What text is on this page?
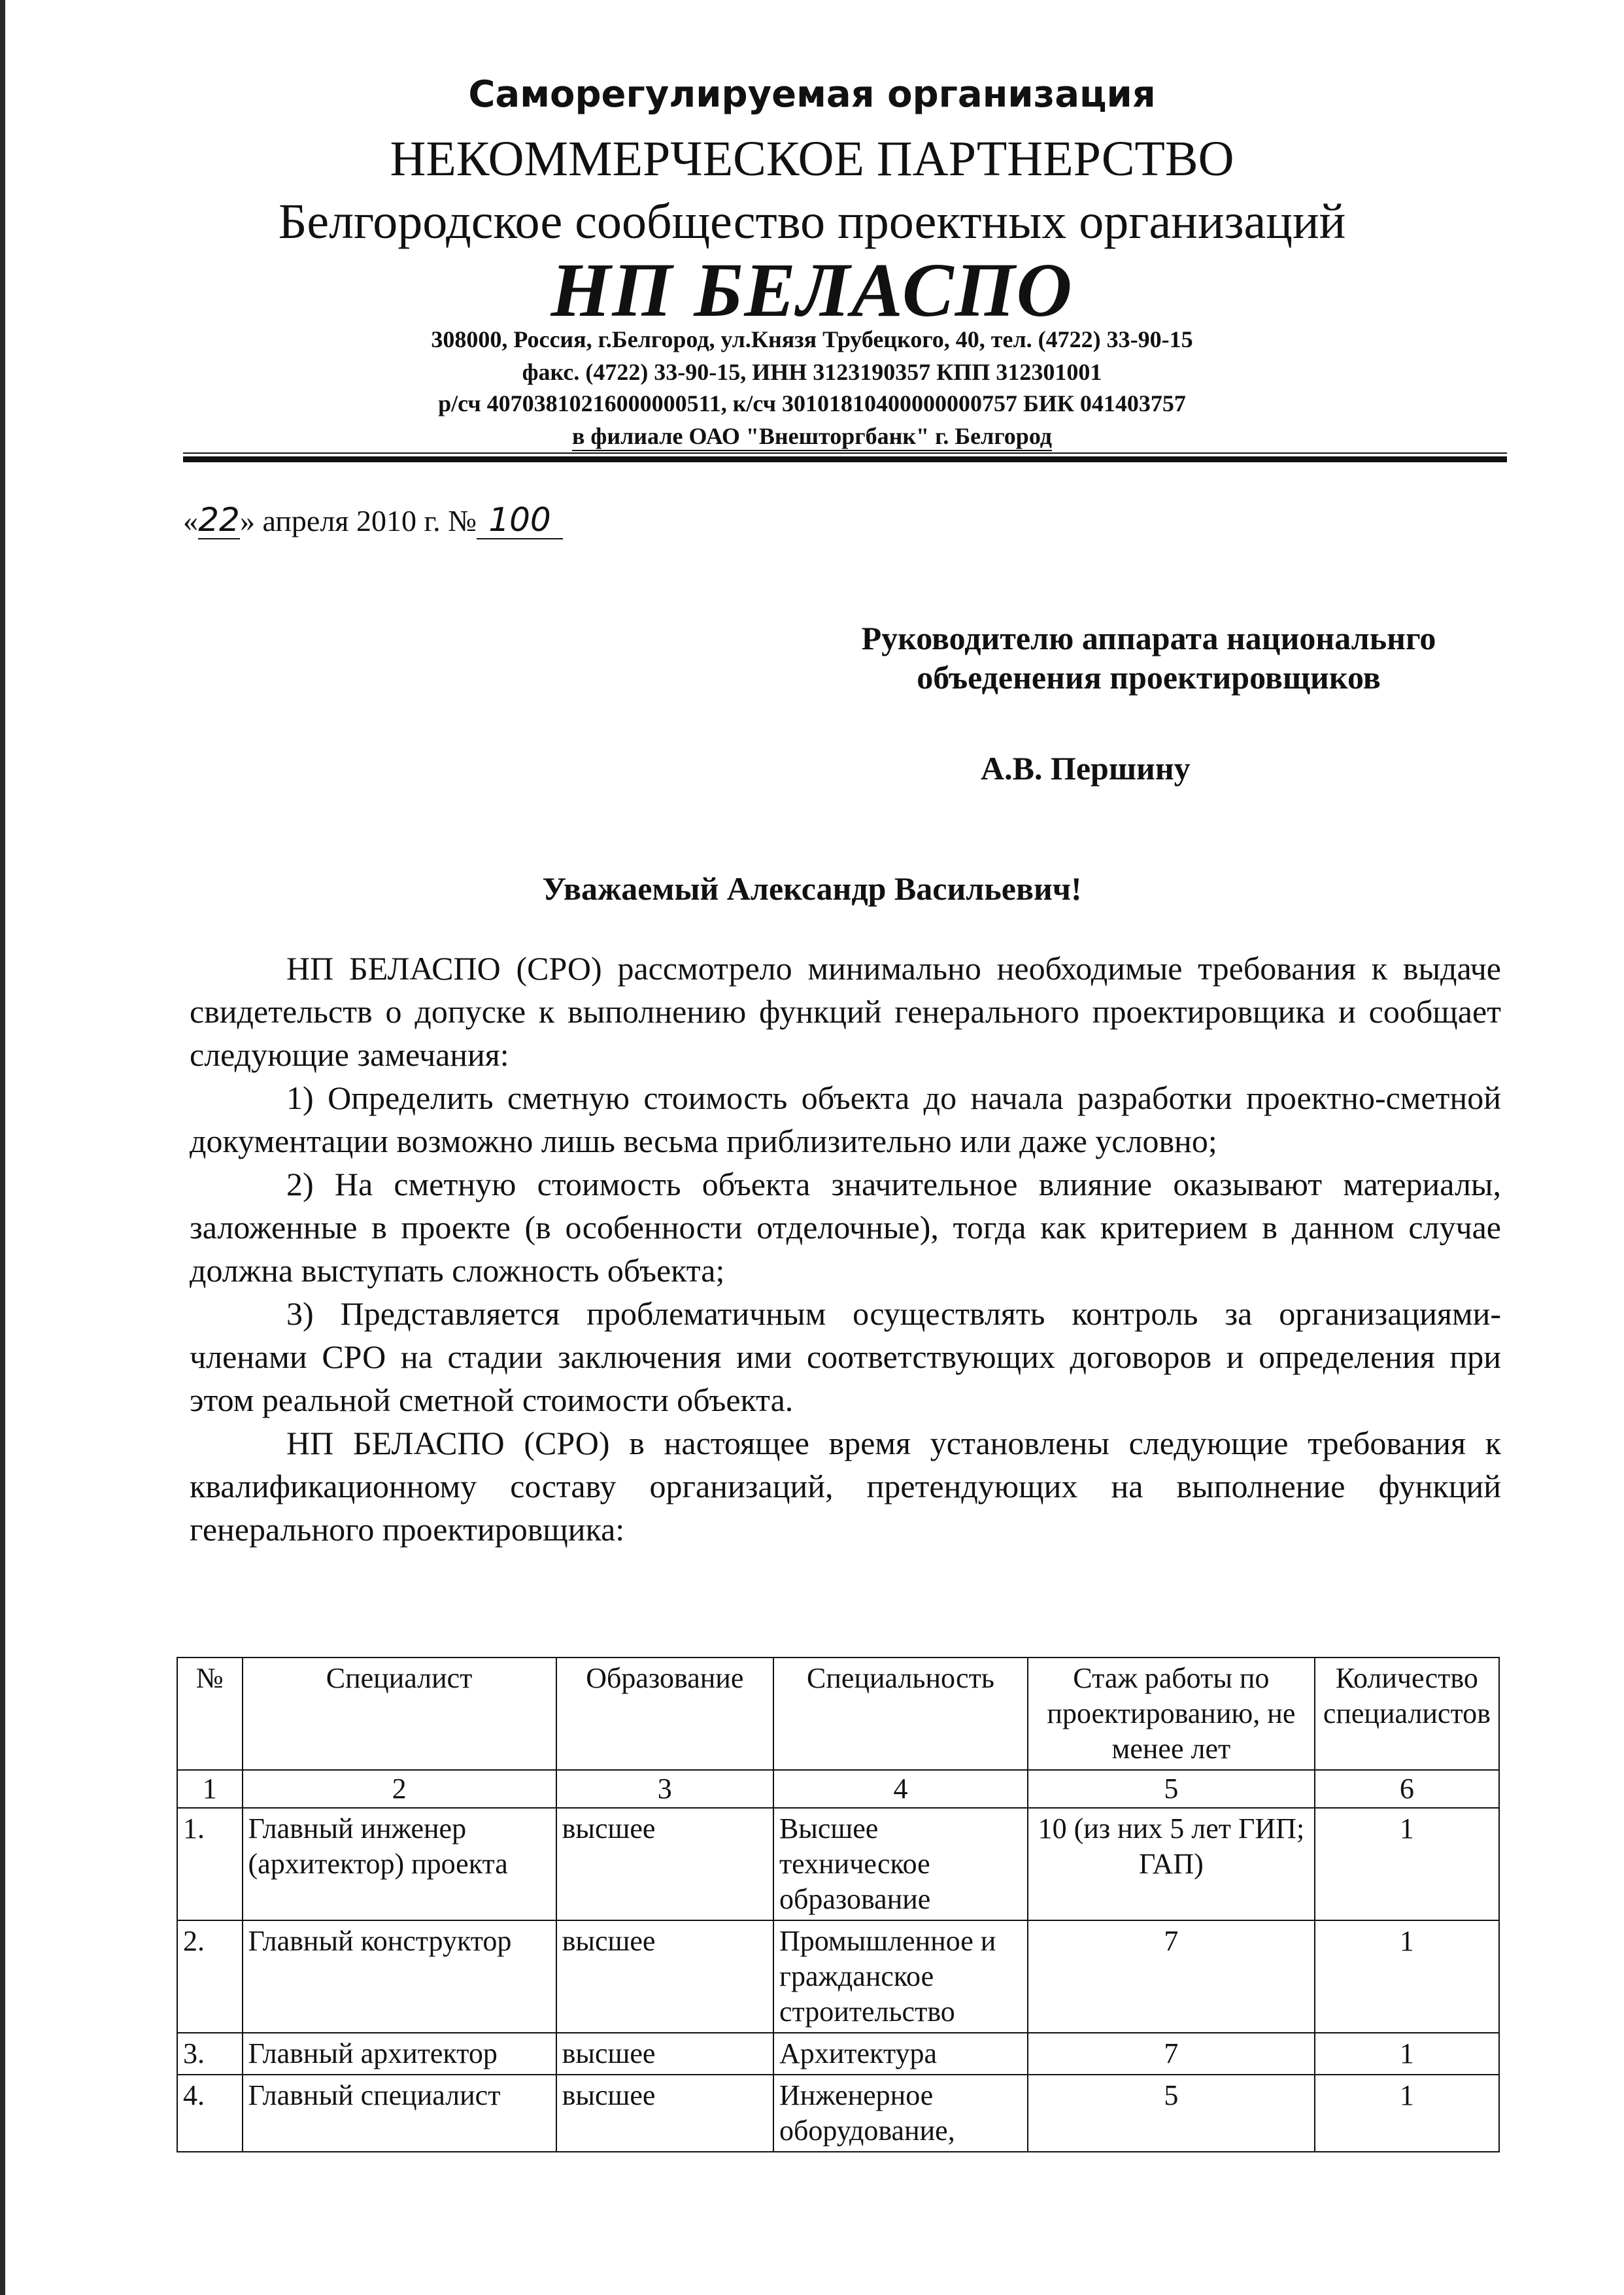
Саморегулируемая организация
НЕКОММЕРЧЕСКОЕ ПАРТНЕРСТВО
Белгородское сообщество проектных организаций
НП БЕЛАСПО
308000, Россия, г.Белгород, ул.Князя Трубецкого, 40, тел. (4722) 33-90-15
факс. (4722) 33-90-15, ИНН 3123190357 КПП 312301001
р/сч 40703810216000000511, к/сч 30101810400000000757 БИК 041403757
в филиале ОАО "Внешторгбанк" г. Белгород
«22» апреля 2010 г. № 100
Руководителю аппарата национальнго
объеденения проектировщиков
А.В. Першину
Уважаемый Александр Васильевич!

НП БЕЛАСПО (СРО) рассмотрело минимально необходимые требования к выдаче свидетельств о допуске к выполнению функций генерального проектировщика и сообщает следующие замечания:

1) Определить сметную стоимость объекта до начала разработки проектно-сметной документации возможно лишь весьма приблизительно или даже условно;

2) На сметную стоимость объекта значительное влияние оказывают материалы, заложенные в проекте (в особенности отделочные), тогда как критерием в данном случае должна выступать сложность объекта;

3) Представляется проблематичным осуществлять контроль за организациями-членами СРО на стадии заключения ими соответствующих договоров и определения при этом реальной сметной стоимости объекта.

НП БЕЛАСПО (СРО) в настоящее время установлены следующие требования к квалификационному составу организаций, претендующих на выполнение функций генерального проектировщика:

№	Специалист	Образование	Специальность	Стаж работы по проектированию, не менее лет	Количество специалистов
1	2	3	4	5	6
1.	Главный инженер (архитектор) проекта	высшее	Высшее техническое образование	10 (из них 5 лет ГИП; ГАП)	1
2.	Главный конструктор	высшее	Промышленное и гражданское строительство	7	1
3.	Главный архитектор	высшее	Архитектура	7	1
4.	Главный специалист	высшее	Инженерное оборудование,	5	1
